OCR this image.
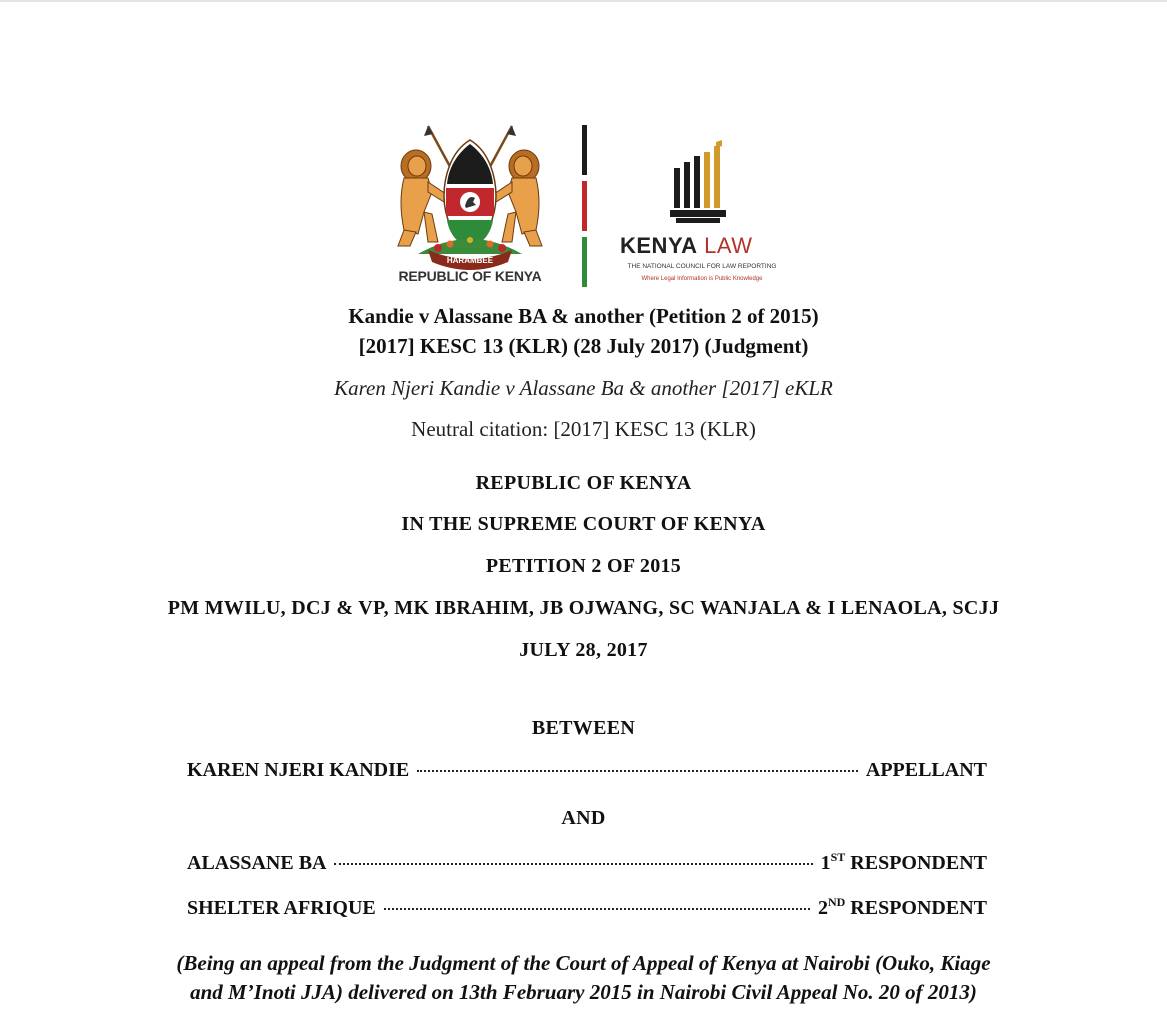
HARAMBEE
REPUBLIC OF KENYA
KENYA LAW
THE NATIONAL COUNCIL FOR LAW REPORTING
Where Legal Information is Public Knowledge
Kandie v Alassane BA & another (Petition 2 of 2015)
[2017] KESC 13 (KLR) (28 July 2017) (Judgment)
Karen Njeri Kandie v Alassane Ba & another [2017] eKLR
Neutral citation: [2017] KESC 13 (KLR)
REPUBLIC OF KENYA
IN THE SUPREME COURT OF KENYA
PETITION 2 OF 2015
PM MWILU, DCJ & VP, MK IBRAHIM, JB OJWANG, SC WANJALA & I LENAOLA, SCJJ
JULY 28, 2017
BETWEEN
KAREN NJERI KANDIE	APPELLANT
AND
ALASSANE BA	1ST RESPONDENT
SHELTER AFRIQUE	2ND RESPONDENT
(Being an appeal from the Judgment of the Court of Appeal of Kenya at Nairobi (Ouko, Kiage
and M’Inoti JJA) delivered on 13th February 2015 in Nairobi Civil Appeal No. 20 of 2013)
